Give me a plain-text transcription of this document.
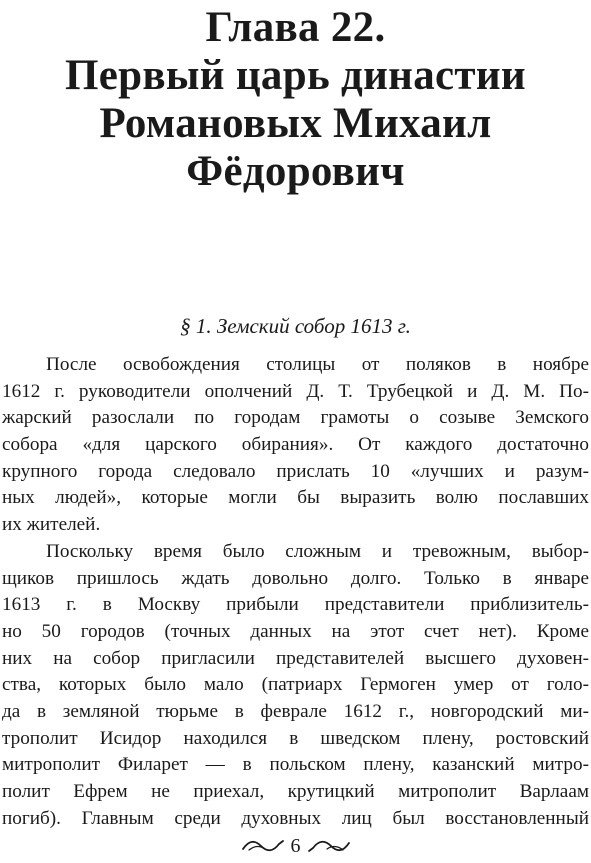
Глава 22.
Первый царь династии
Романовых Михаил
Фёдорович
§ 1. Земский собор 1613 г.
После освобождения столицы от поляков в ноябре
1612 г. руководители ополчений Д. Т. Трубецкой и Д. М. По-
жарский разослали по городам грамоты о созыве Земского
собора «для царского обирания». От каждого достаточно
крупного города следовало прислать 10 «лучших и разум-
ных людей», которые могли бы выразить волю пославших
их жителей.
Поскольку время было сложным и тревожным, выбор-
щиков пришлось ждать довольно долго. Только в январе
1613 г. в Москву прибыли представители приблизитель-
но 50 городов (точных данных на этот счет нет). Кроме
них на собор пригласили представителей высшего духовен-
ства, которых было мало (патриарх Гермоген умер от голо-
да в земляной тюрьме в феврале 1612 г., новгородский ми-
трополит Исидор находился в шведском плену, ростовский
митрополит Филарет — в польском плену, казанский митро-
полит Ефрем не приехал, крутицкий митрополит Варлаам
погиб). Главным среди духовных лиц был восстановленный
6
